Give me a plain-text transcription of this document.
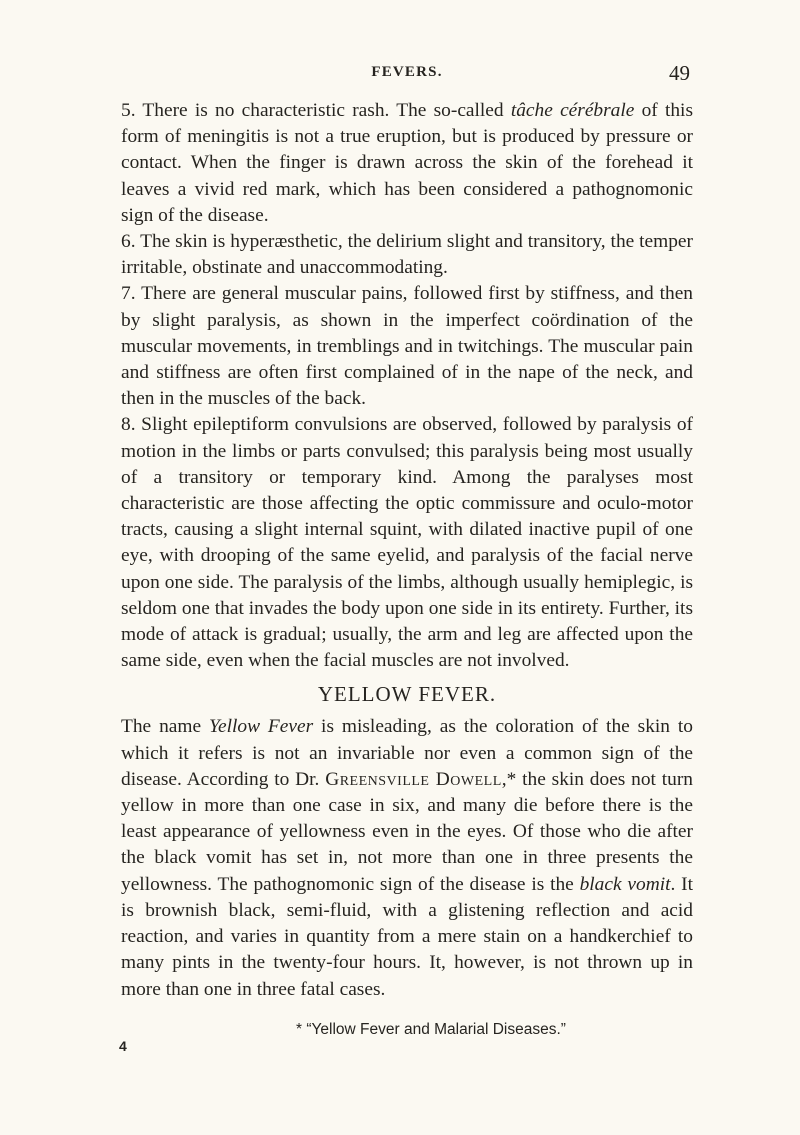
FEVERS.	49

5. There is no characteristic rash. The so-called tâche cérébrale of this form of meningitis is not a true eruption, but is produced by pressure or contact. When the finger is drawn across the skin of the forehead it leaves a vivid red mark, which has been considered a pathognomonic sign of the disease.

6. The skin is hyperæsthetic, the delirium slight and transitory, the temper irritable, obstinate and unaccommodating.

7. There are general muscular pains, followed first by stiffness, and then by slight paralysis, as shown in the imperfect coördination of the muscular movements, in tremblings and in twitchings. The muscular pain and stiffness are often first complained of in the nape of the neck, and then in the muscles of the back.

8. Slight epileptiform convulsions are observed, followed by paralysis of motion in the limbs or parts convulsed; this paralysis being most usually of a transitory or temporary kind. Among the paralyses most characteristic are those affecting the optic commissure and oculo-motor tracts, causing a slight internal squint, with dilated inactive pupil of one eye, with drooping of the same eyelid, and paralysis of the facial nerve upon one side. The paralysis of the limbs, although usually hemiplegic, is seldom one that invades the body upon one side in its entirety. Further, its mode of attack is gradual; usually, the arm and leg are affected upon the same side, even when the facial muscles are not involved.

YELLOW FEVER.

The name Yellow Fever is misleading, as the coloration of the skin to which it refers is not an invariable nor even a common sign of the disease. According to Dr. Greensville Dowell,* the skin does not turn yellow in more than one case in six, and many die before there is the least appearance of yellowness even in the eyes. Of those who die after the black vomit has set in, not more than one in three presents the yellowness. The pathognomonic sign of the disease is the black vomit. It is brownish black, semi-fluid, with a glistening reflection and acid reaction, and varies in quantity from a mere stain on a handkerchief to many pints in the twenty-four hours. It, however, is not thrown up in more than one in three fatal cases.

* “Yellow Fever and Malarial Diseases.”
4
